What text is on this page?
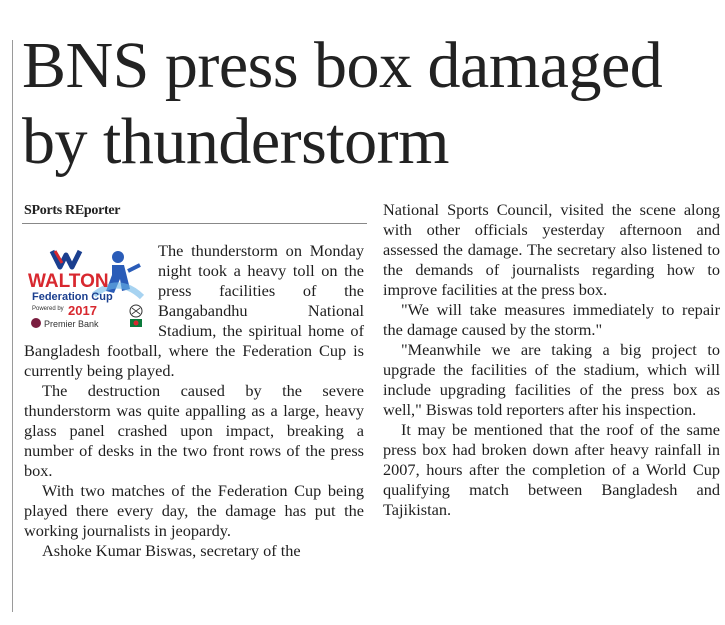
BNS press box damaged by thunderstorm
SPorts REporter
WALTON
Federation Cup
Powered by 2017
Premier Bank

The thunderstorm on Monday night took a heavy toll on the press facilities of the Bangabandhu National Stadium, the spiritual home of Bangladesh football, where the Federation Cup is currently being played.

The destruction caused by the severe thunderstorm was quite appalling as a large, heavy glass panel crashed upon impact, breaking a number of desks in the two front rows of the press box.

With two matches of the Federation Cup being played there every day, the damage has put the working journalists in jeopardy.

Ashoke Kumar Biswas, secretary of the

National Sports Council, visited the scene along with other officials yesterday afternoon and assessed the damage. The secretary also listened to the demands of journalists regarding how to improve facilities at the press box.

"We will take measures immediately to repair the damage caused by the storm."

"Meanwhile we are taking a big project to upgrade the facilities of the stadium, which will include upgrading facilities of the press box as well," Biswas told reporters after his inspection.

It may be mentioned that the roof of the same press box had broken down after heavy rainfall in 2007, hours after the completion of a World Cup qualifying match between Bangladesh and Tajikistan.
